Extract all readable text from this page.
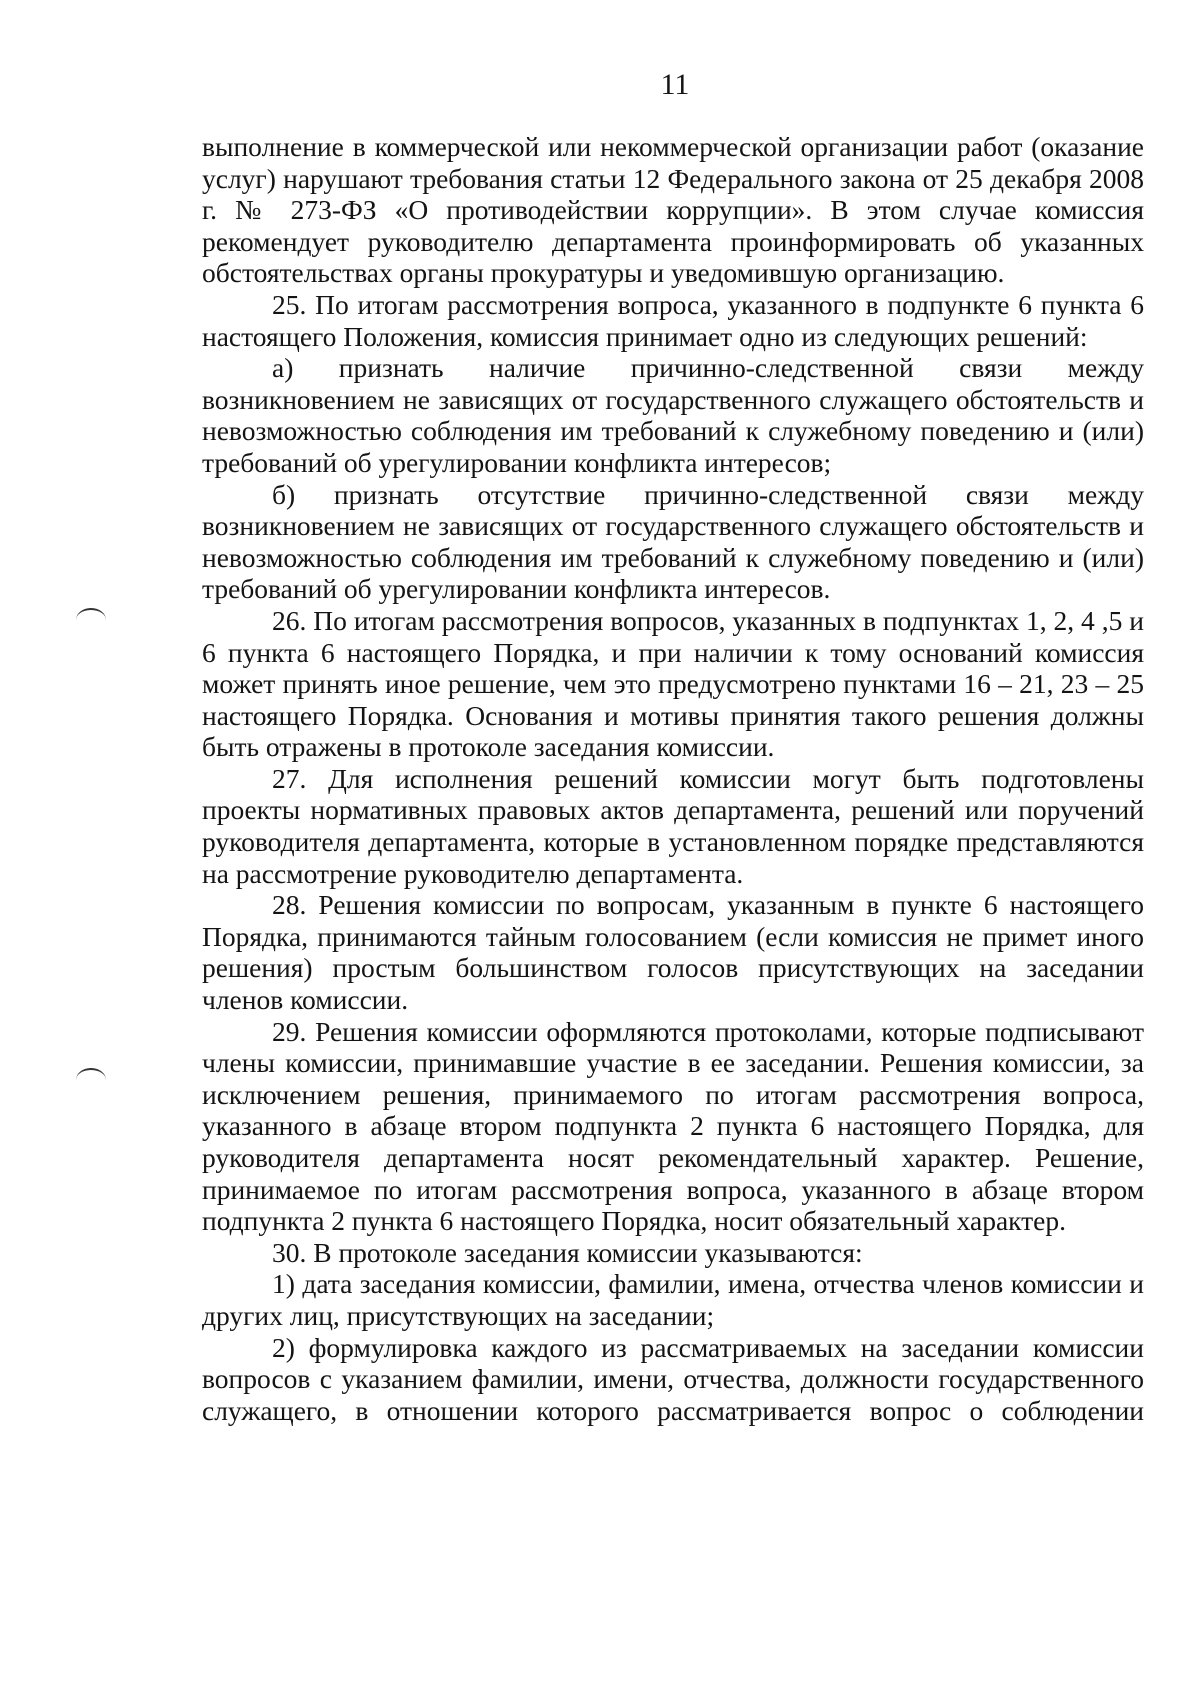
11

выполнение в коммерческой или некоммерческой организации работ (оказание услуг) нарушают требования статьи 12 Федерального закона от 25 декабря 2008 г. № 273-ФЗ «О противодействии коррупции». В этом случае комиссия рекомендует руководителю департамента проинформировать об указанных обстоятельствах органы прокуратуры и уведомившую организацию.

25. По итогам рассмотрения вопроса, указанного в подпункте 6 пункта 6 настоящего Положения, комиссия принимает одно из следующих решений:

а) признать наличие причинно-следственной связи между возникновением не зависящих от государственного служащего обстоятельств и невозможностью соблюдения им требований к служебному поведению и (или) требований об урегулировании конфликта интересов;

б) признать отсутствие причинно-следственной связи между возникновением не зависящих от государственного служащего обстоятельств и невозможностью соблюдения им требований к служебному поведению и (или) требований об урегулировании конфликта интересов.

26. По итогам рассмотрения вопросов, указанных в подпунктах 1, 2, 4 ,5 и 6 пункта 6 настоящего Порядка, и при наличии к тому оснований комиссия может принять иное решение, чем это предусмотрено пунктами 16 – 21, 23 – 25 настоящего Порядка. Основания и мотивы принятия такого решения должны быть отражены в протоколе заседания комиссии.

27. Для исполнения решений комиссии могут быть подготовлены проекты нормативных правовых актов департамента, решений или поручений руководителя департамента, которые в установленном порядке представляются на рассмотрение руководителю департамента.

28. Решения комиссии по вопросам, указанным в пункте 6 настоящего Порядка, принимаются тайным голосованием (если комиссия не примет иного решения) простым большинством голосов присутствующих на заседании членов комиссии.

29. Решения комиссии оформляются протоколами, которые подписывают члены комиссии, принимавшие участие в ее заседании. Решения комиссии, за исключением решения, принимаемого по итогам рассмотрения вопроса, указанного в абзаце втором подпункта 2 пункта 6 настоящего Порядка, для руководителя департамента носят рекомендательный характер. Решение, принимаемое по итогам рассмотрения вопроса, указанного в абзаце втором подпункта 2 пункта 6 настоящего Порядка, носит обязательный характер.

30. В протоколе заседания комиссии указываются:

1) дата заседания комиссии, фамилии, имена, отчества членов комиссии и других лиц, присутствующих на заседании;

2) формулировка каждого из рассматриваемых на заседании комиссии вопросов с указанием фамилии, имени, отчества, должности государственного служащего, в отношении которого рассматривается вопрос о соблюдении
